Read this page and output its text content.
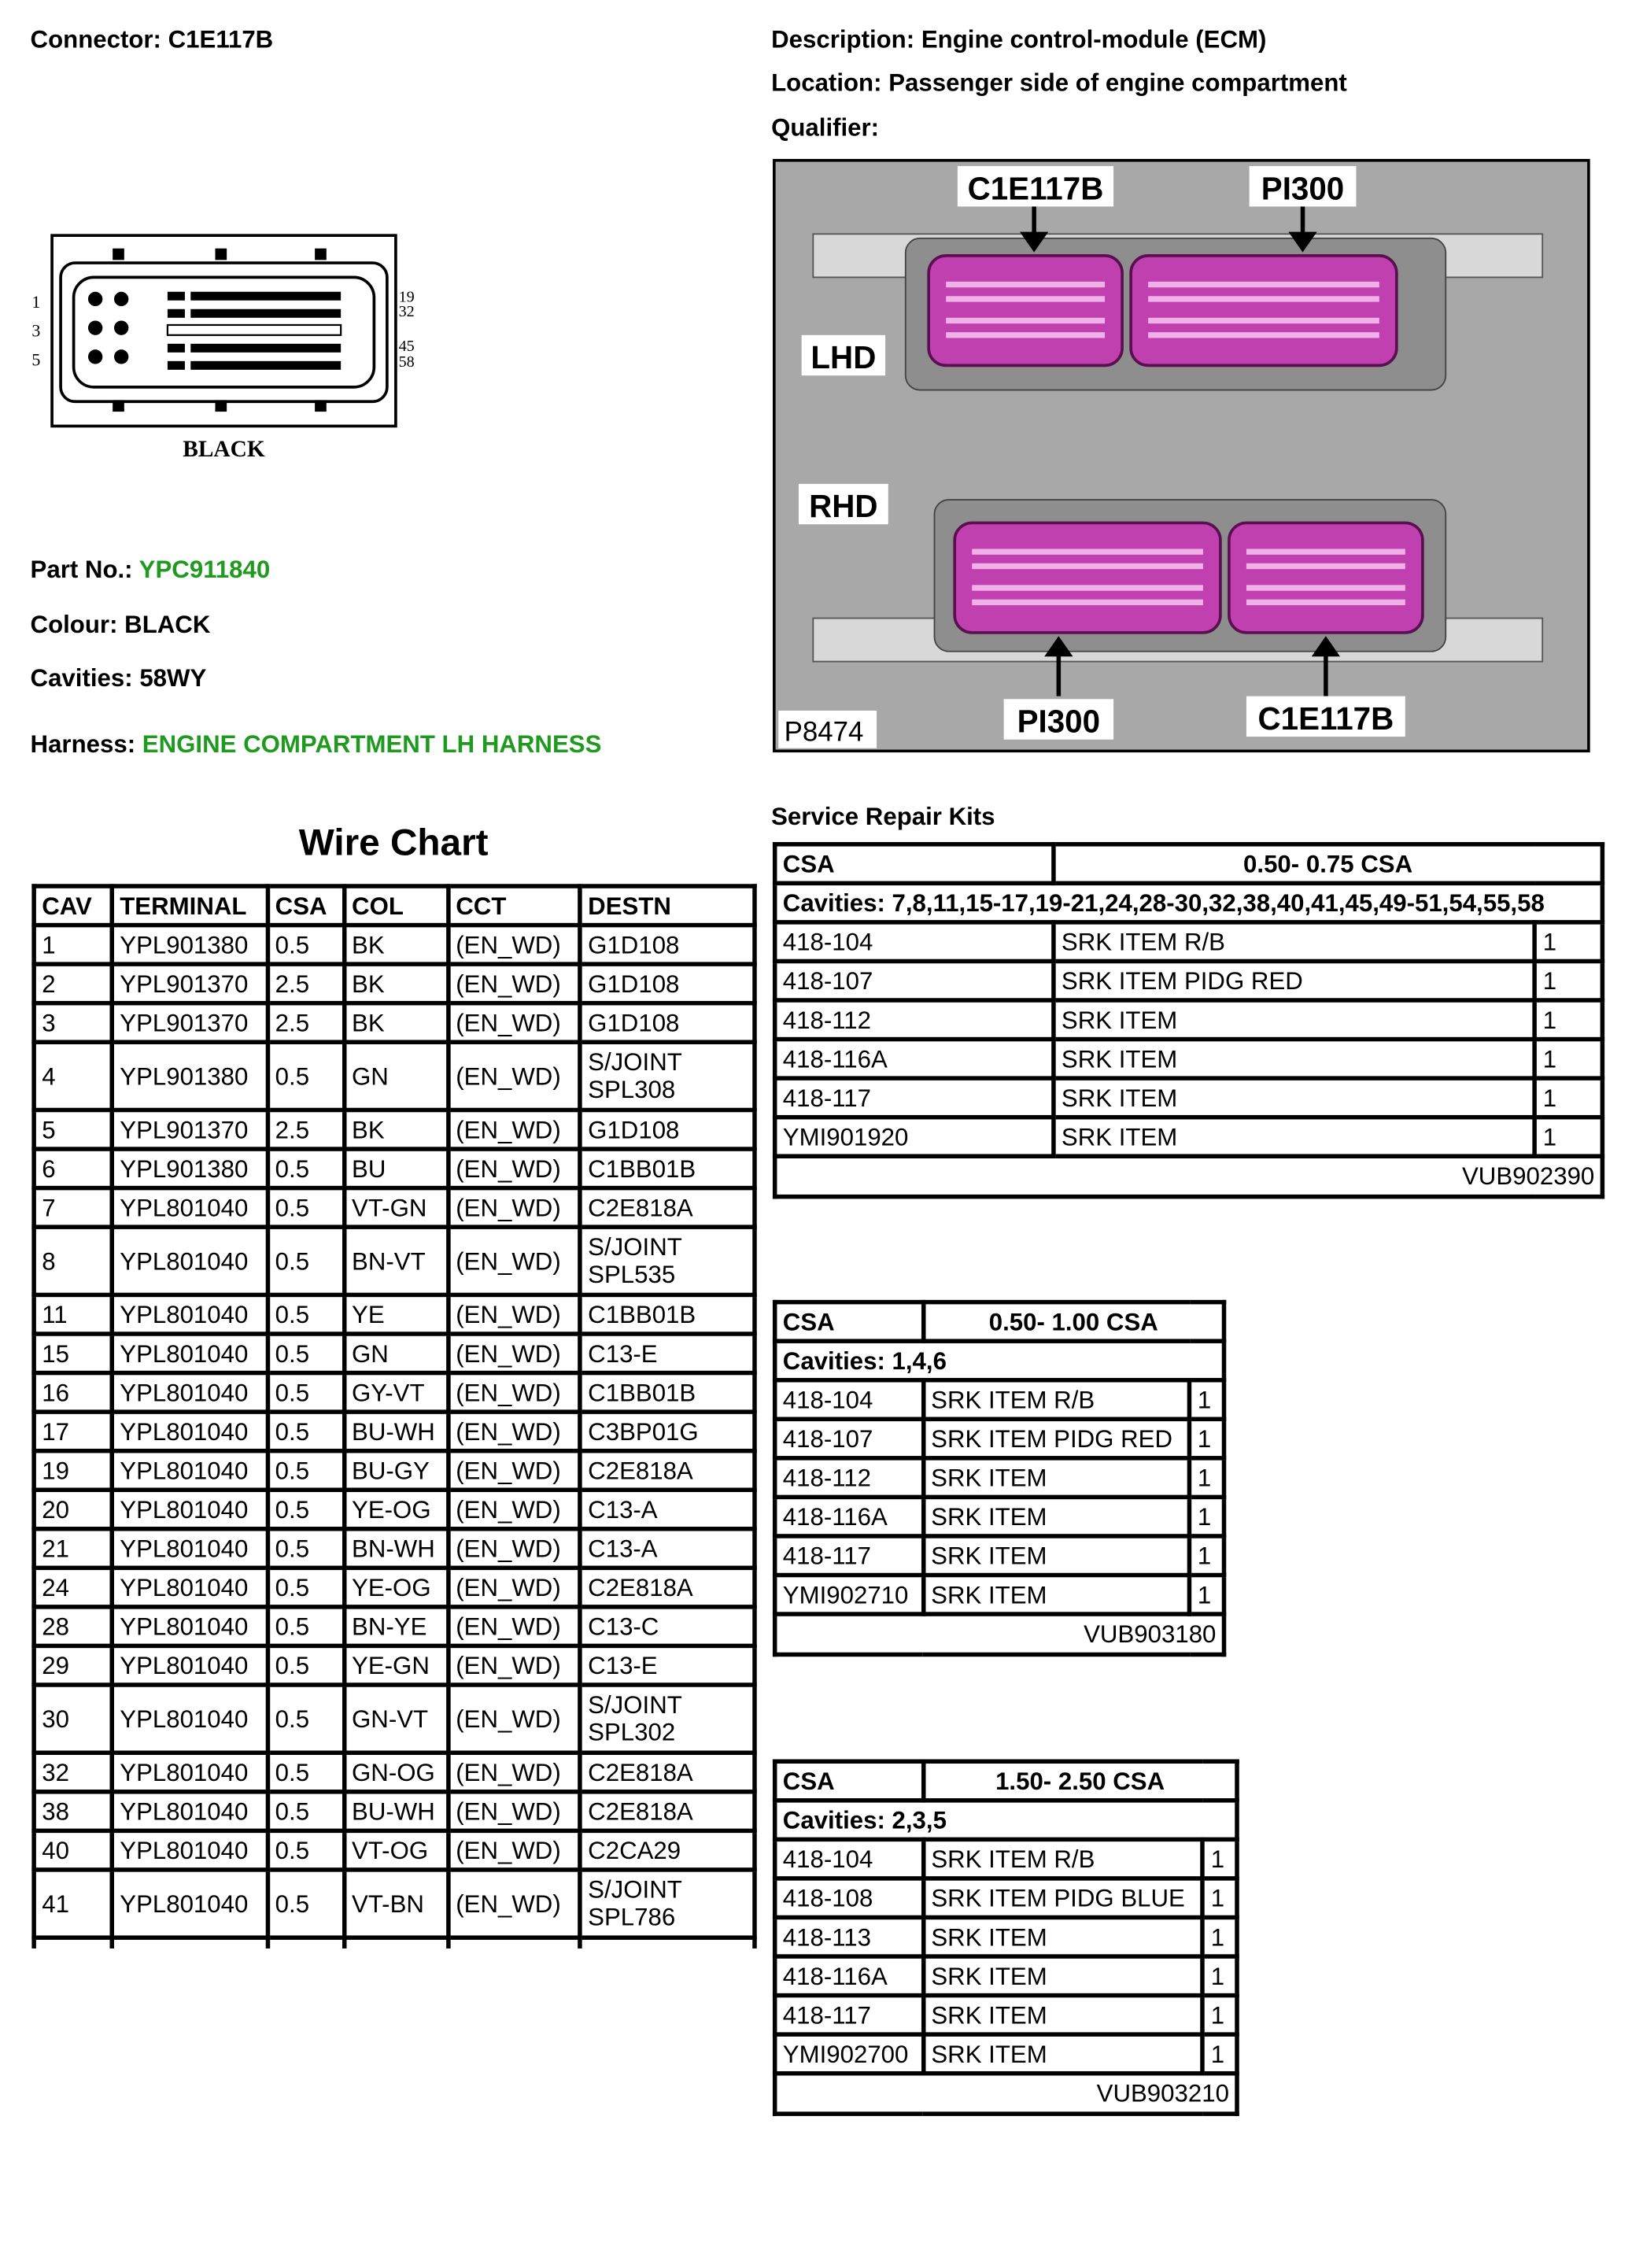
Connector: C1E117B
1
3
5
19
32
45
58
BLACK
Part No.: YPC911840
Colour: BLACK
Cavities: 58WY
Harness: ENGINE COMPARTMENT LH HARNESS
Description: Engine control-module (ECM)
Location: Passenger side of engine compartment
Qualifier:
C1E117B	PI300
LHD
RHD
PI300	C1E117B
P8474
Wire Chart
CAV	TERMINAL	CSA	COL	CCT	DESTN
1	YPL901380	0.5	BK	(EN_WD)	G1D108
2	YPL901370	2.5	BK	(EN_WD)	G1D108
3	YPL901370	2.5	BK	(EN_WD)	G1D108
4	YPL901380	0.5	GN	(EN_WD)	S/JOINT SPL308
5	YPL901370	2.5	BK	(EN_WD)	G1D108
6	YPL901380	0.5	BU	(EN_WD)	C1BB01B
7	YPL801040	0.5	VT-GN	(EN_WD)	C2E818A
8	YPL801040	0.5	BN-VT	(EN_WD)	S/JOINT SPL535
11	YPL801040	0.5	YE	(EN_WD)	C1BB01B
15	YPL801040	0.5	GN	(EN_WD)	C13-E
16	YPL801040	0.5	GY-VT	(EN_WD)	C1BB01B
17	YPL801040	0.5	BU-WH	(EN_WD)	C3BP01G
19	YPL801040	0.5	BU-GY	(EN_WD)	C2E818A
20	YPL801040	0.5	YE-OG	(EN_WD)	C13-A
21	YPL801040	0.5	BN-WH	(EN_WD)	C13-A
24	YPL801040	0.5	YE-OG	(EN_WD)	C2E818A
28	YPL801040	0.5	BN-YE	(EN_WD)	C13-C
29	YPL801040	0.5	YE-GN	(EN_WD)	C13-E
30	YPL801040	0.5	GN-VT	(EN_WD)	S/JOINT SPL302
32	YPL801040	0.5	GN-OG	(EN_WD)	C2E818A
38	YPL801040	0.5	BU-WH	(EN_WD)	C2E818A
40	YPL801040	0.5	VT-OG	(EN_WD)	C2CA29
41	YPL801040	0.5	VT-BN	(EN_WD)	S/JOINT SPL786

Service Repair Kits
CSA	0.50- 0.75 CSA	
Cavities: 7,8,11,15-17,19-21,24,28-30,32,38,40,41,45,49-51,54,55,58		
418-104	SRK ITEM R/B	1
418-107	SRK ITEM PIDG RED	1
418-112	SRK ITEM	1
418-116A	SRK ITEM	1
418-117	SRK ITEM	1
YMI901920	SRK ITEM	1
VUB902390		
CSA	0.50- 1.00 CSA	
Cavities: 1,4,6		
418-104	SRK ITEM R/B	1
418-107	SRK ITEM PIDG RED	1
418-112	SRK ITEM	1
418-116A	SRK ITEM	1
418-117	SRK ITEM	1
YMI902710	SRK ITEM	1
VUB903180		
CSA	1.50- 2.50 CSA	
Cavities: 2,3,5		
418-104	SRK ITEM R/B	1
418-108	SRK ITEM PIDG BLUE	1
418-113	SRK ITEM	1
418-116A	SRK ITEM	1
418-117	SRK ITEM	1
YMI902700	SRK ITEM	1
VUB903210		
